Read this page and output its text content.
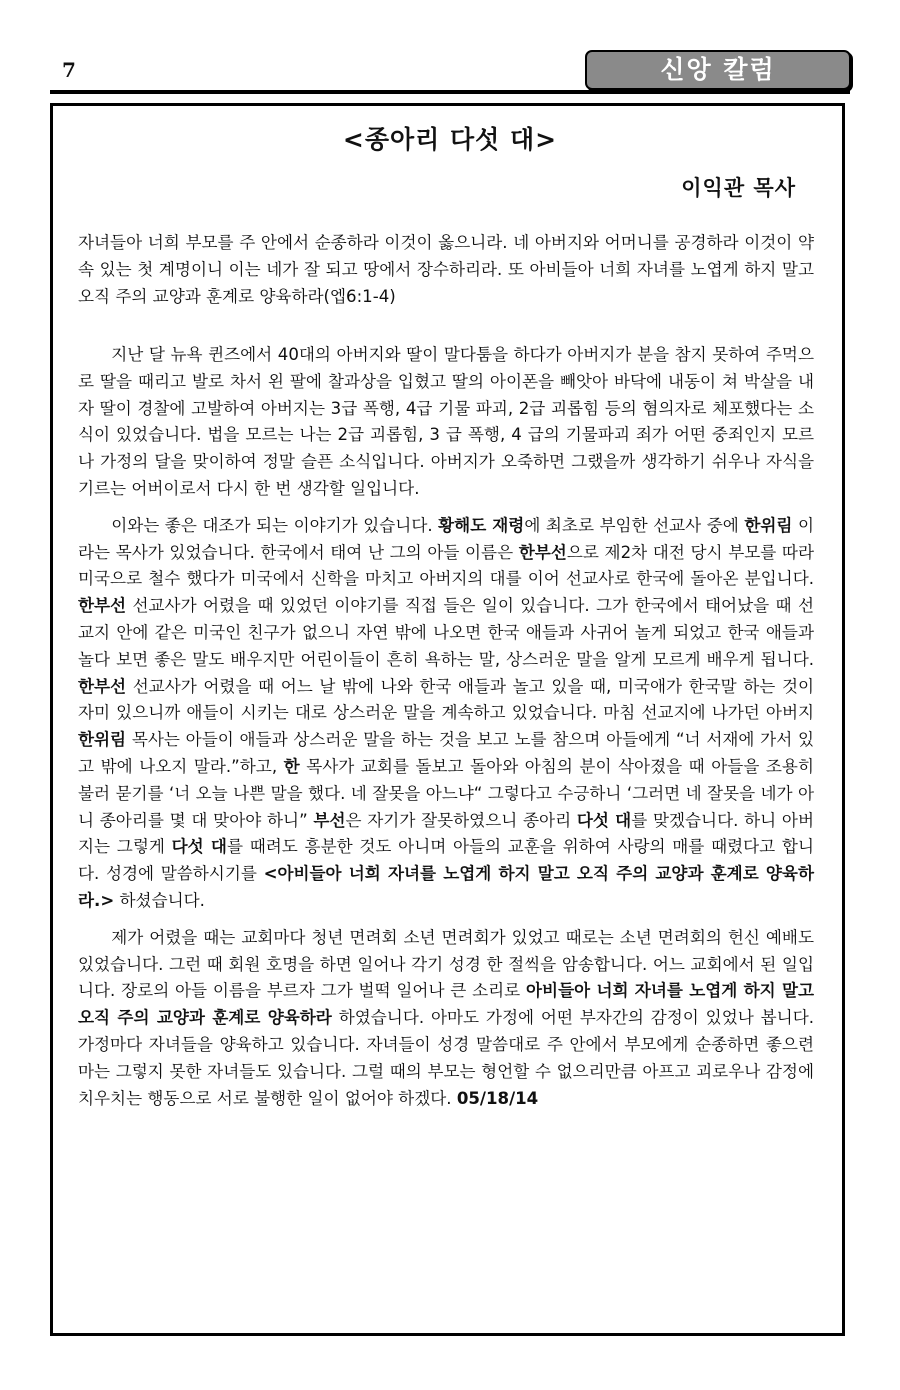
7	신앙 칼럼
<종아리 다섯 대>
이익관 목사
자녀들아 너희 부모를 주 안에서 순종하라 이것이 옳으니라. 네 아버지와 어머니를 공경하라 이것이 약속 있는 첫 계명이니 이는 네가 잘 되고 땅에서 장수하리라. 또 아비들아 너희 자녀를 노엽게 하지 말고 오직 주의 교양과 훈계로 양육하라(엡6:1-4)

지난 달 뉴욕 퀸즈에서 40대의 아버지와 딸이 말다툼을 하다가 아버지가 분을 참지 못하여 주먹으로 딸을 때리고 발로 차서 왼 팔에 찰과상을 입혔고 딸의 아이폰을 빼앗아 바닥에 내동이 쳐 박살을 내자 딸이 경찰에 고발하여 아버지는 3급 폭행, 4급 기물 파괴, 2급 괴롭힘 등의 혐의자로 체포했다는 소식이 있었습니다. 법을 모르는 나는 2급 괴롭힘, 3 급 폭행, 4 급의 기물파괴 죄가 어떤 중죄인지 모르나 가정의 달을 맞이하여 정말 슬픈 소식입니다. 아버지가 오죽하면 그랬을까 생각하기 쉬우나 자식을 기르는 어버이로서 다시 한 번 생각할 일입니다.

이와는 좋은 대조가 되는 이야기가 있습니다. 황해도 재령에 최초로 부임한 선교사 중에 한위림 이라는 목사가 있었습니다. 한국에서 태여 난 그의 아들 이름은 한부선으로 제2차 대전 당시 부모를 따라 미국으로 철수 했다가 미국에서 신학을 마치고 아버지의 대를 이어 선교사로 한국에 돌아온 분입니다. 한부선 선교사가 어렸을 때 있었던 이야기를 직접 들은 일이 있습니다. 그가 한국에서 태어났을 때 선교지 안에 같은 미국인 친구가 없으니 자연 밖에 나오면 한국 애들과 사귀어 놀게 되었고 한국 애들과 놀다 보면 좋은 말도 배우지만 어린이들이 흔히 욕하는 말, 상스러운 말을 알게 모르게 배우게 됩니다. 한부선 선교사가 어렸을 때 어느 날 밖에 나와 한국 애들과 놀고 있을 때, 미국애가 한국말 하는 것이 자미 있으니까 애들이 시키는 대로 상스러운 말을 계속하고 있었습니다. 마침 선교지에 나가던 아버지 한위림 목사는 아들이 애들과 상스러운 말을 하는 것을 보고 노를 참으며 아들에게 “너 서재에 가서 있고 밖에 나오지 말라.”하고, 한 목사가 교회를 돌보고 돌아와 아침의 분이 삭아졌을 때 아들을 조용히 불러 묻기를 ‘너 오늘 나쁜 말을 했다. 네 잘못을 아느냐“ 그렇다고 수긍하니 ‘그러면 네 잘못을 네가 아니 종아리를 몇 대 맞아야 하니” 부선은 자기가 잘못하였으니 종아리 다섯 대를 맞겠습니다. 하니 아버지는 그렇게 다섯 대를 때려도 흥분한 것도 아니며 아들의 교훈을 위하여 사랑의 매를 때렸다고 합니다. 성경에 말씀하시기를 <아비들아 너희 자녀를 노엽게 하지 말고 오직 주의 교양과 훈계로 양육하라.> 하셨습니다.

제가 어렸을 때는 교회마다 청년 면려회 소년 면려회가 있었고 때로는 소년 면려회의 헌신 예배도 있었습니다. 그런 때 회원 호명을 하면 일어나 각기 성경 한 절씩을 암송합니다. 어느 교회에서 된 일입니다. 장로의 아들 이름을 부르자 그가 벌떡 일어나 큰 소리로 아비들아 너희 자녀를 노엽게 하지 말고 오직 주의 교양과 훈계로 양육하라 하였습니다. 아마도 가정에 어떤 부자간의 감정이 있었나 봅니다. 가정마다 자녀들을 양육하고 있습니다. 자녀들이 성경 말씀대로 주 안에서 부모에게 순종하면 좋으련마는 그렇지 못한 자녀들도 있습니다. 그럴 때의 부모는 형언할 수 없으리만큼 아프고 괴로우나 감정에 치우치는 행동으로 서로 불행한 일이 없어야 하겠다. 05/18/14
